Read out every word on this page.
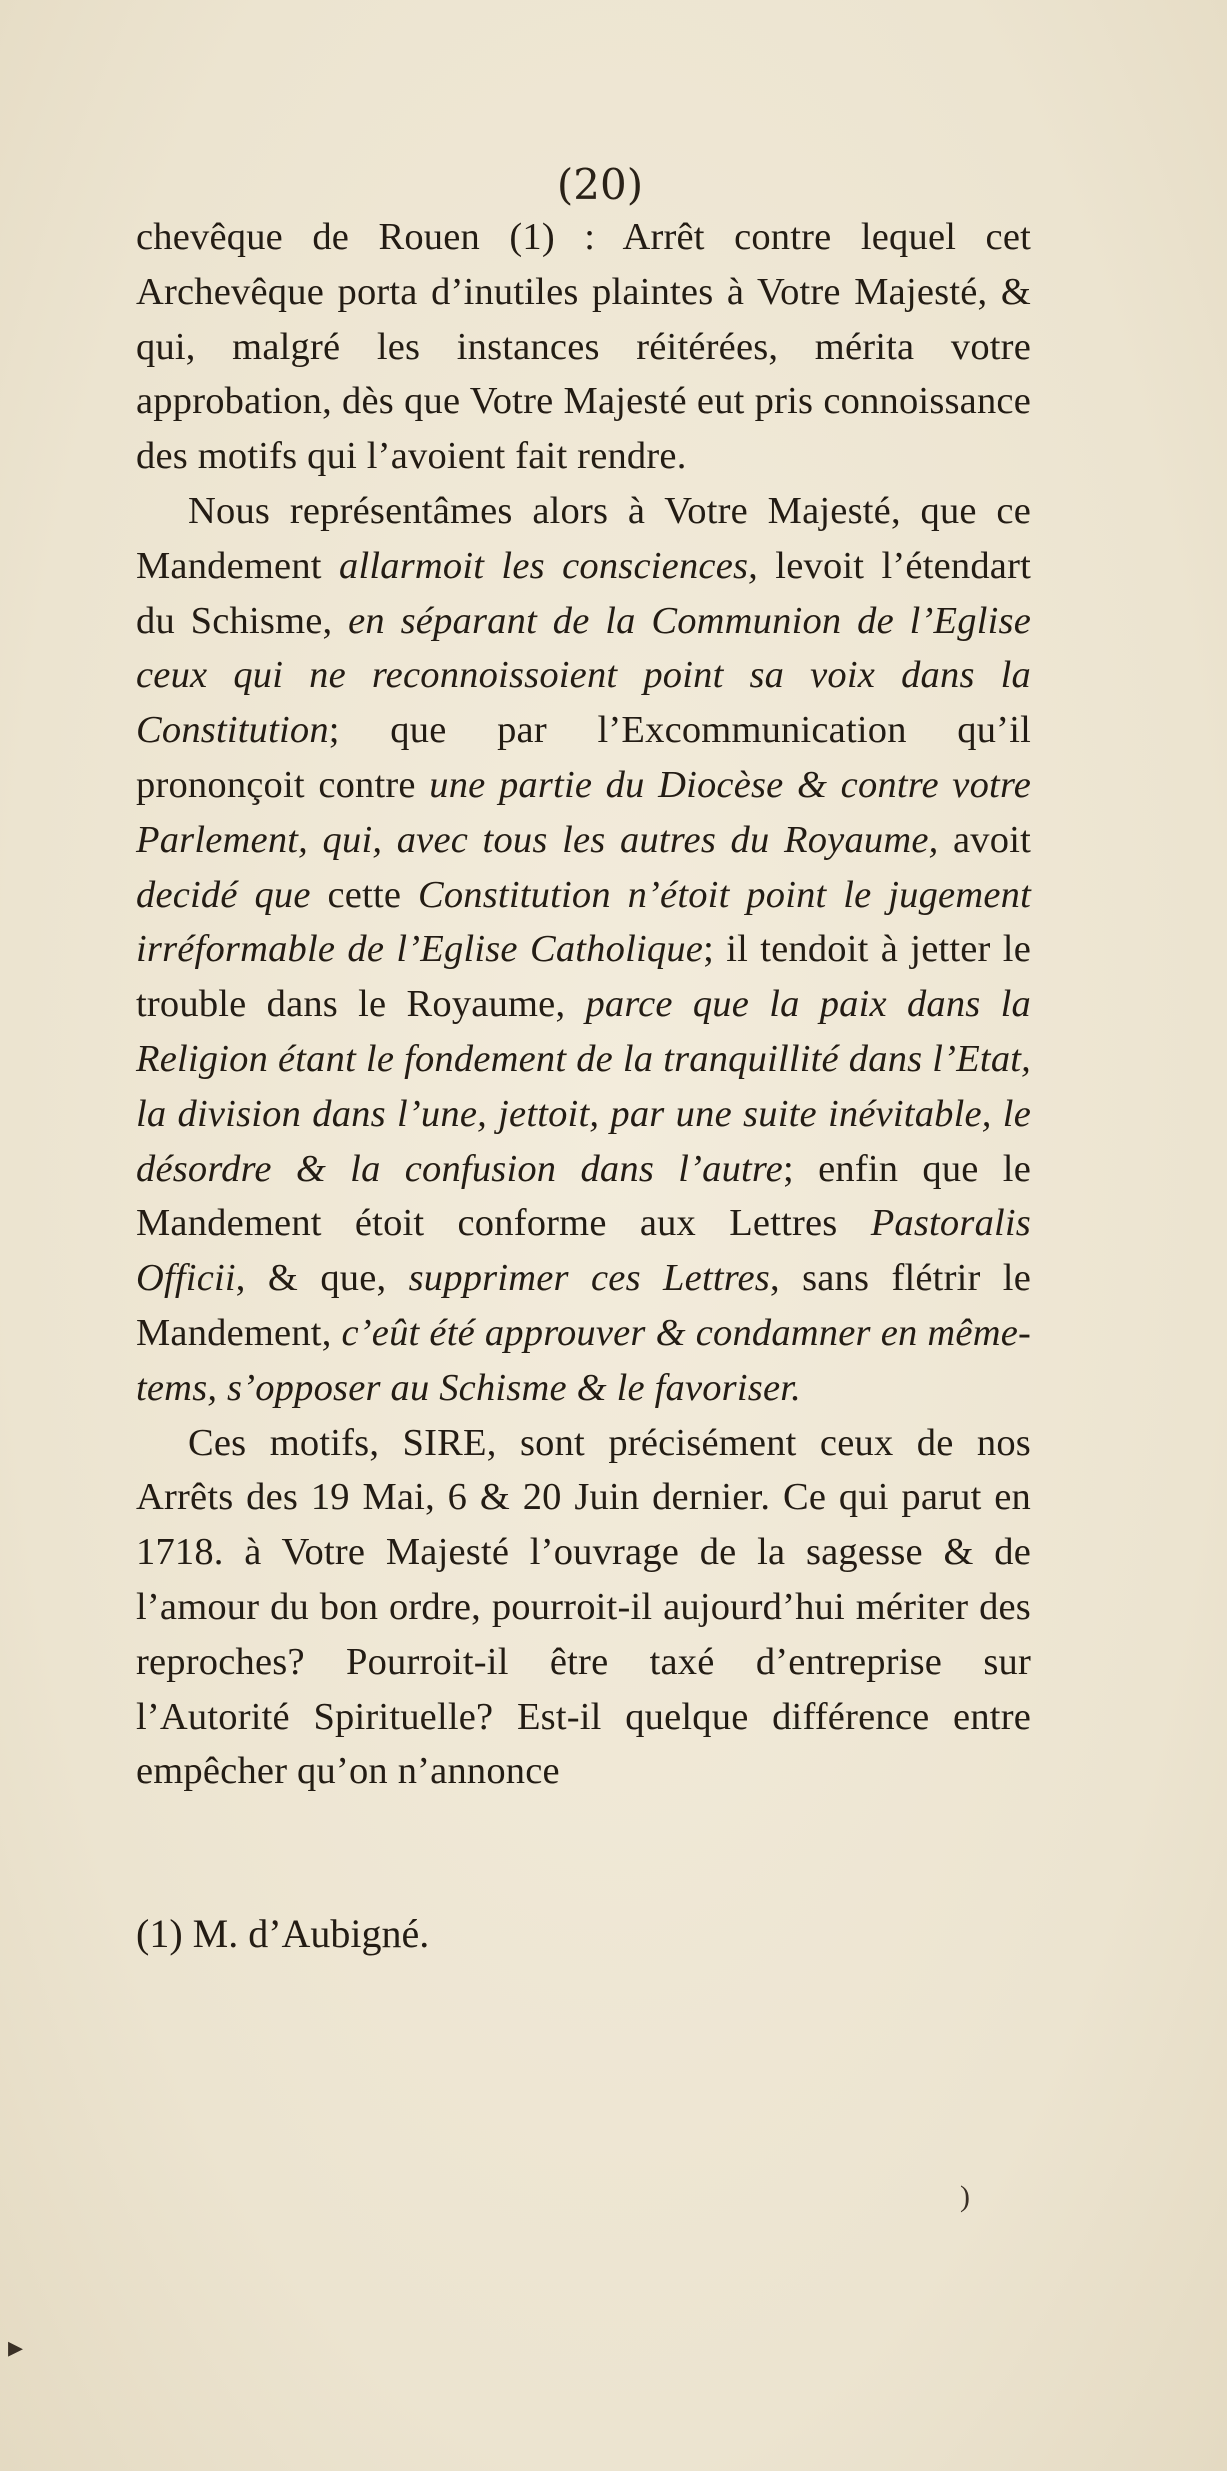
(20)

chevêque de Rouen (1) : Arrêt contre lequel cet Archevêque porta d’inutiles plaintes à Votre Majesté, & qui, malgré les instances réitérées, mérita votre approbation, dès que Votre Majesté eut pris connoissance des motifs qui l’avoient fait rendre.

Nous représentâmes alors à Votre Majesté, que ce Mandement allarmoit les consciences, levoit l’étendart du Schisme, en séparant de la Communion de l’Eglise ceux qui ne reconnoissoient point sa voix dans la Constitution; que par l’Excommunication qu’il prononçoit contre une partie du Diocèse & contre votre Parlement, qui, avec tous les autres du Royaume, avoit decidé que cette Constitution n’étoit point le jugement irréformable de l’Eglise Catholique; il tendoit à jetter le trouble dans le Royaume, parce que la paix dans la Religion étant le fondement de la tranquillité dans l’Etat, la division dans l’une, jettoit, par une suite inévitable, le désordre & la confusion dans l’autre; enfin que le Mandement étoit conforme aux Lettres Pastoralis Officii, & que, supprimer ces Lettres, sans flétrir le Mandement, c’eût été approuver & condamner en même-tems, s’opposer au Schisme & le favoriser.

Ces motifs, SIRE, sont précisément ceux de nos Arrêts des 19 Mai, 6 & 20 Juin dernier. Ce qui parut en 1718. à Votre Majesté l’ouvrage de la sagesse & de l’amour du bon ordre, pourroit-il aujourd’hui mériter des reproches? Pourroit-il être taxé d’entreprise sur l’Autorité Spirituelle? Est-il quelque différence entre empêcher qu’on n’annonce

(1) M. d’Aubigné.
)
▸
